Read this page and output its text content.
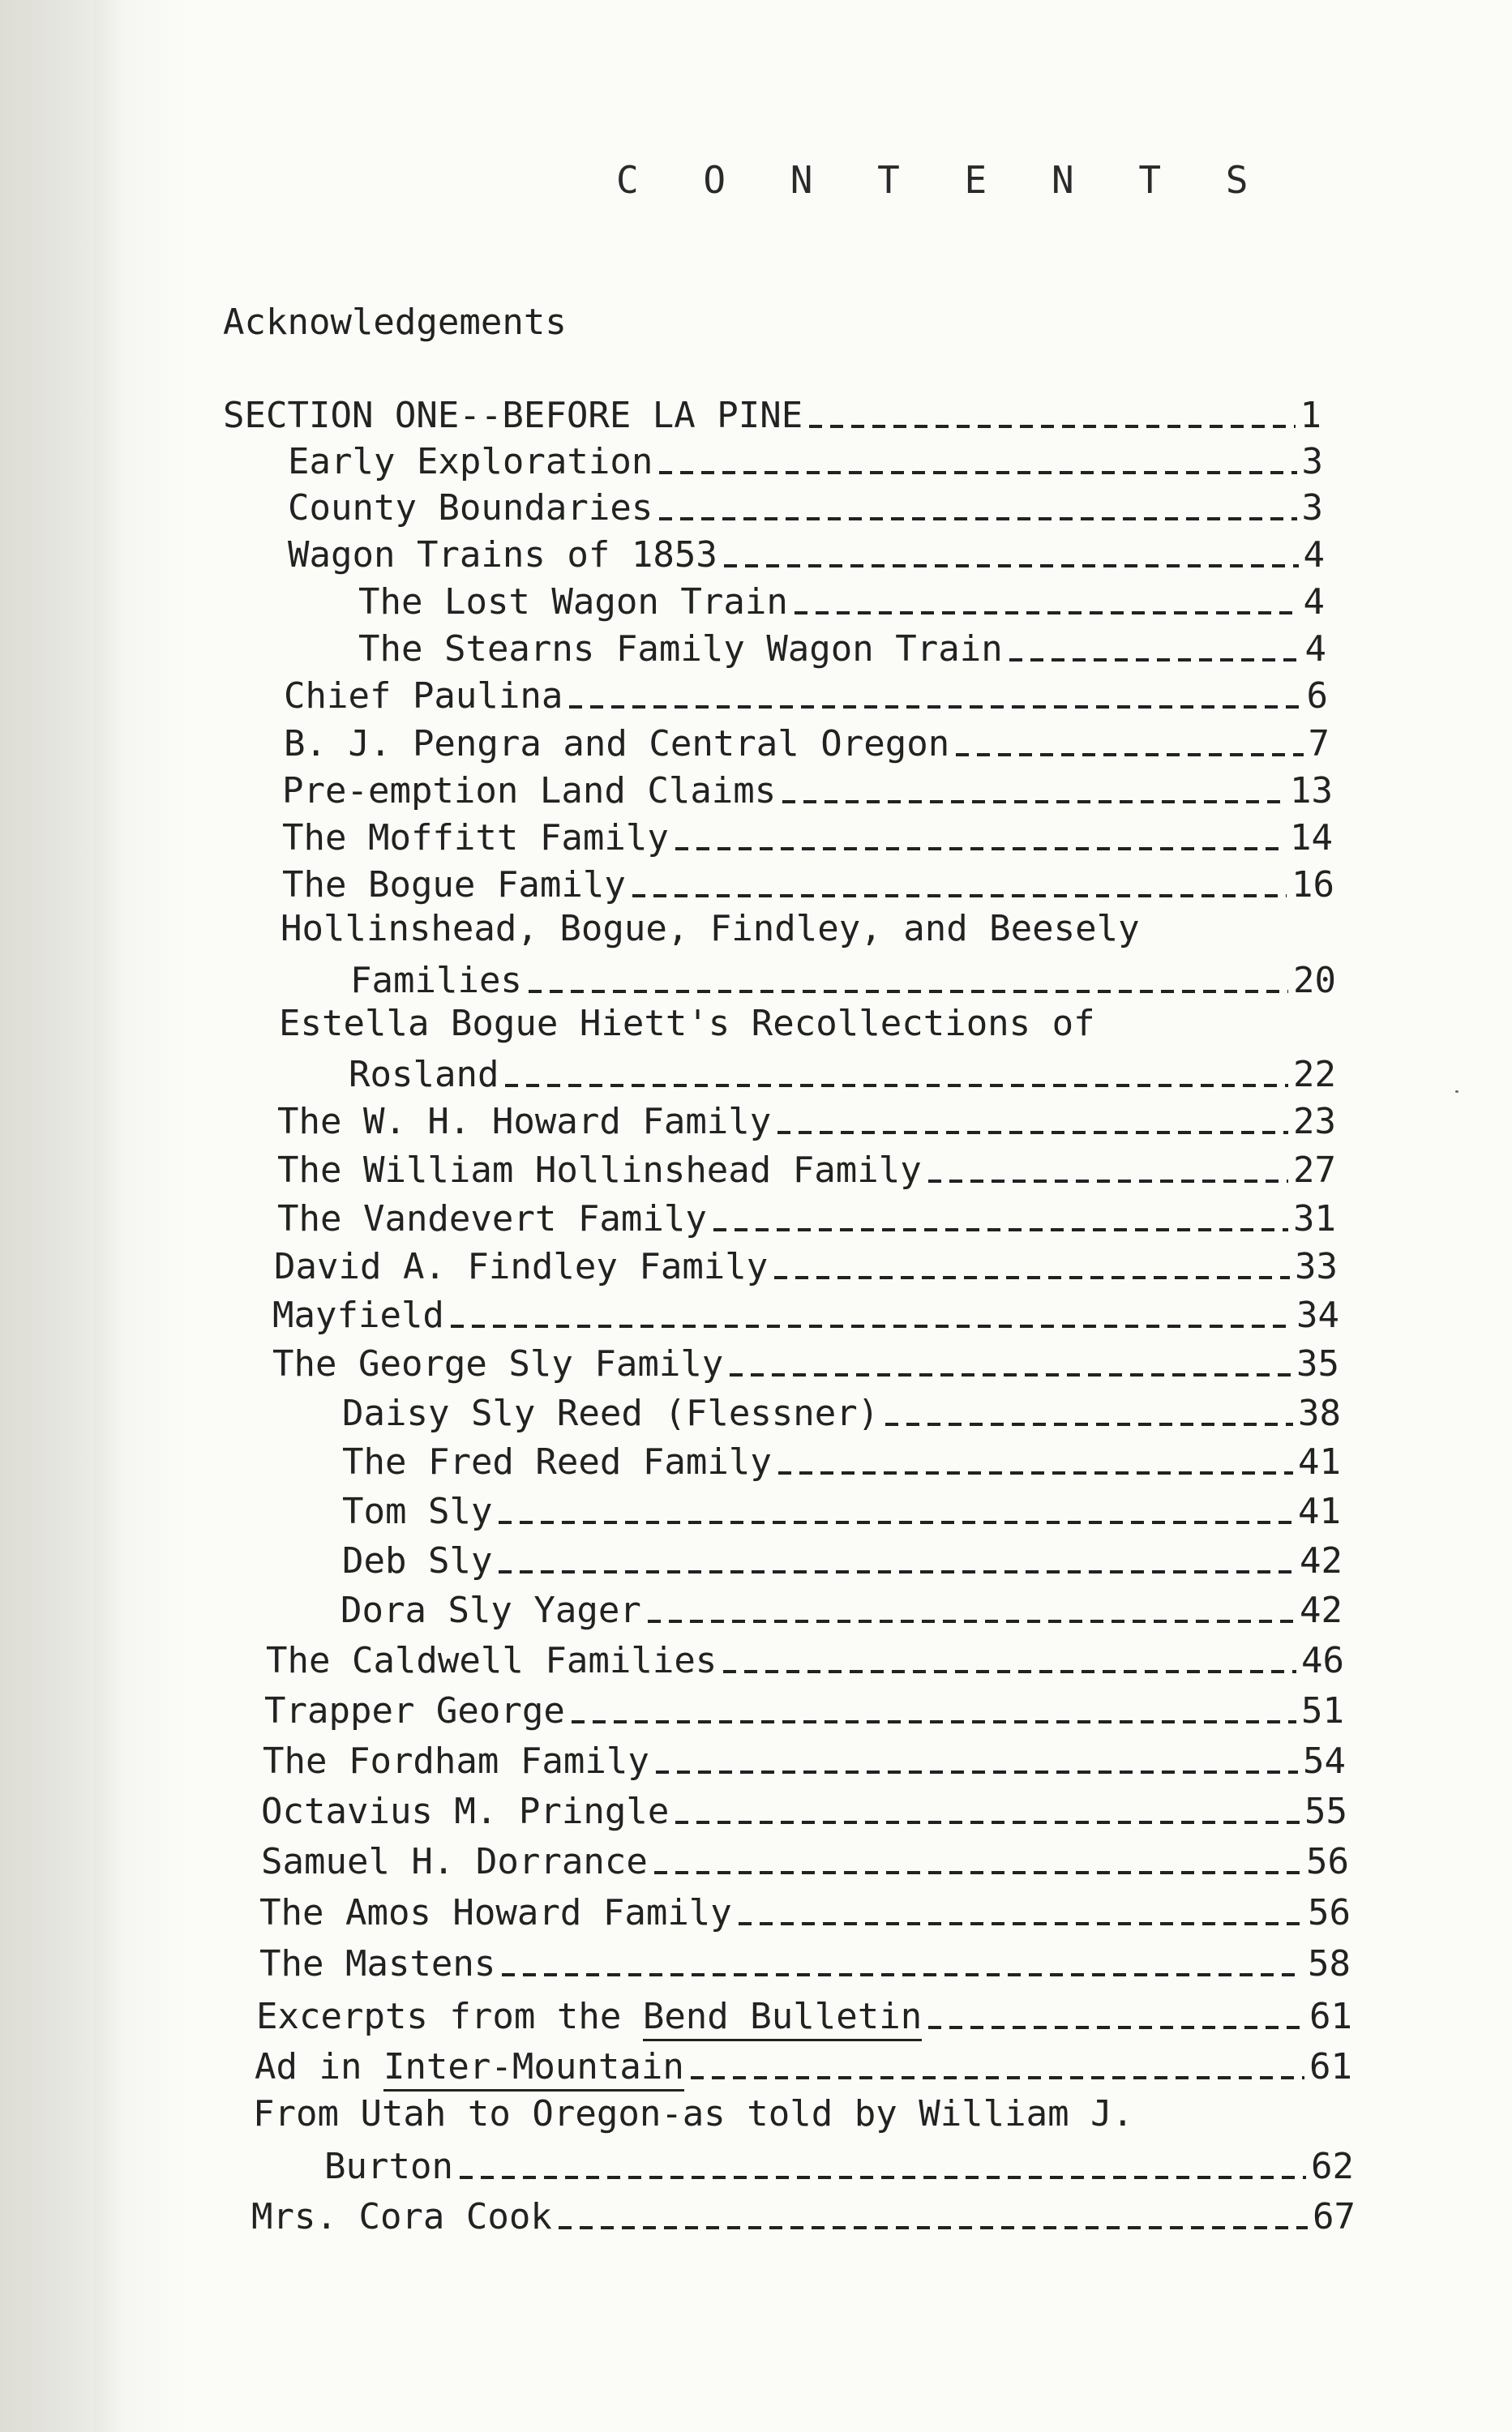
C O N T E N T S
Acknowledgements
SECTION ONE--BEFORE LA PINE	1
Early Exploration	3
County Boundaries	3
Wagon Trains of 1853	4
The Lost Wagon Train	4
The Stearns Family Wagon Train	4
Chief Paulina	6
B. J. Pengra and Central Oregon	7
Pre-emption Land Claims	13
The Moffitt Family	14
The Bogue Family	16
Hollinshead, Bogue, Findley, and Beesely
Families	20
Estella Bogue Hiett's Recollections of
Rosland	22
The W. H. Howard Family	23
The William Hollinshead Family	27
The Vandevert Family	31
David A. Findley Family	33
Mayfield	34
The George Sly Family	35
Daisy Sly Reed (Flessner)	38
The Fred Reed Family	41
Tom Sly	41
Deb Sly	42
Dora Sly Yager	42
The Caldwell Families	46
Trapper George	51
The Fordham Family	54
Octavius M. Pringle	55
Samuel H. Dorrance	56
The Amos Howard Family	56
The Mastens	58
Excerpts from the Bend Bulletin	61
Ad in Inter-Mountain	61
From Utah to Oregon-as told by William J.
Burton	62
Mrs. Cora Cook	67
